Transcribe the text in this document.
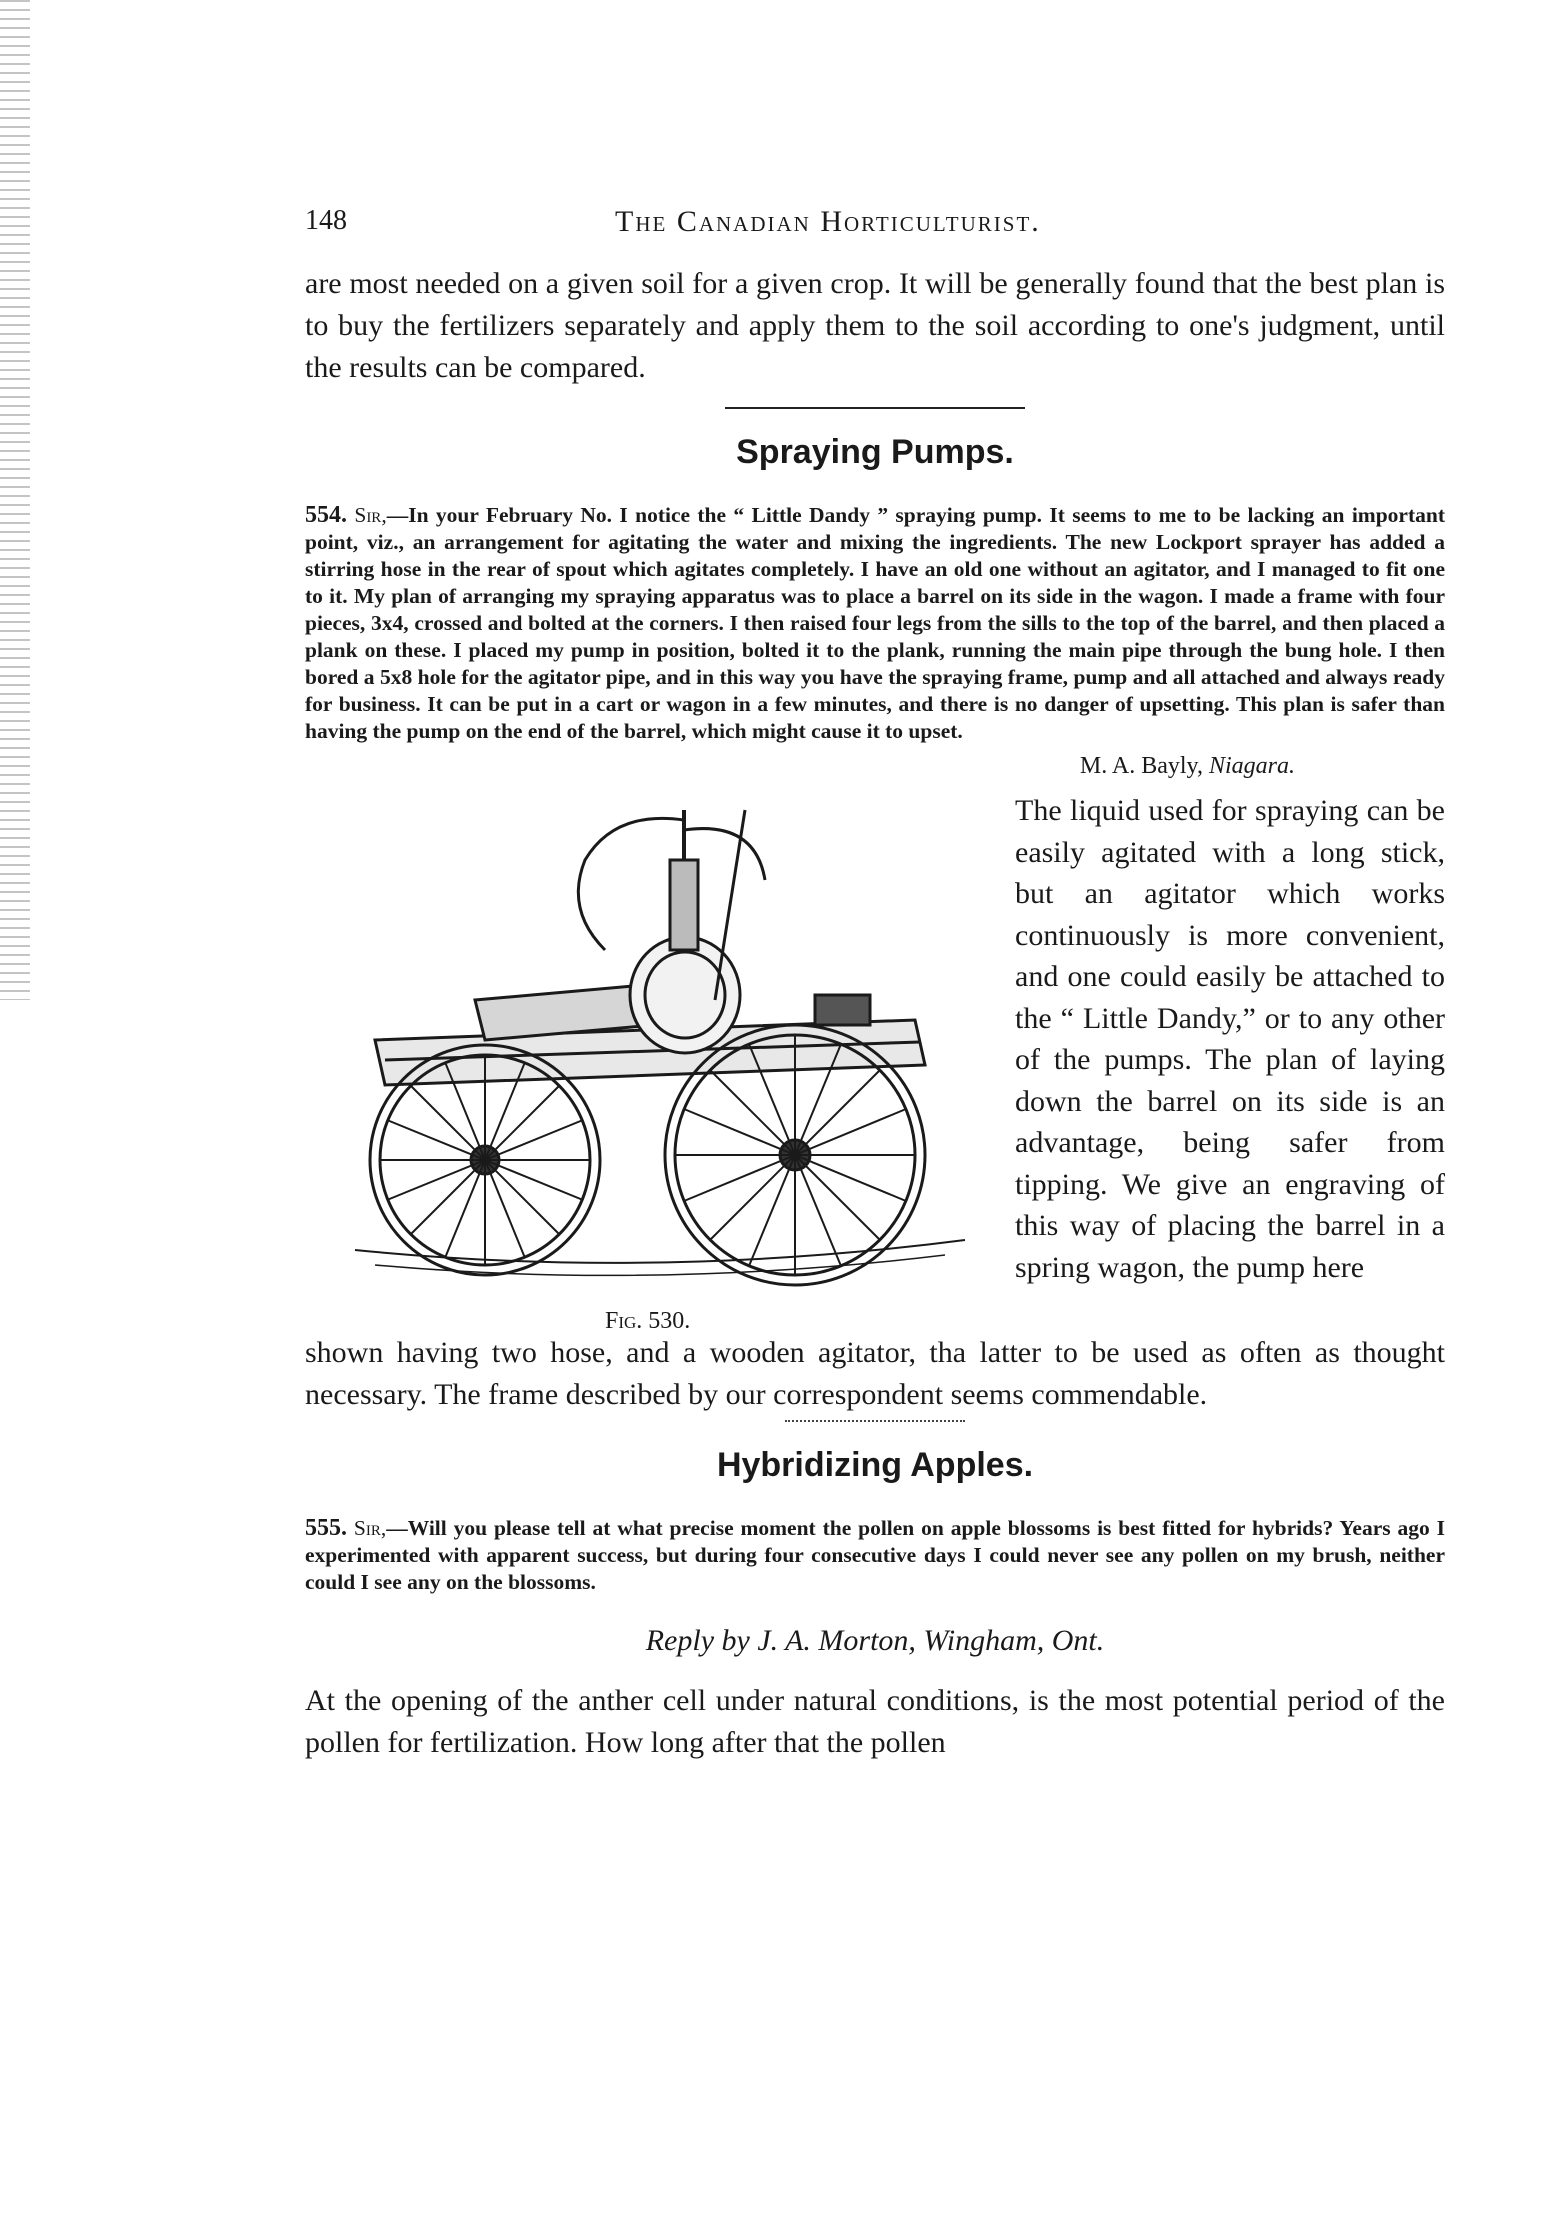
148	The Canadian Horticulturist.

are most needed on a given soil for a given crop. It will be generally found that the best plan is to buy the fertilizers separately and apply them to the soil according to one's judgment, until the results can be compared.

Spraying Pumps.

554. Sir,—In your February No. I notice the “ Little Dandy ” spraying pump. It seems to me to be lacking an important point, viz., an arrangement for agitating the water and mixing the ingredients. The new Lockport sprayer has added a stirring hose in the rear of spout which agitates completely. I have an old one without an agitator, and I managed to fit one to it. My plan of arranging my spraying apparatus was to place a barrel on its side in the wagon. I made a frame with four pieces, 3x4, crossed and bolted at the corners. I then raised four legs from the sills to the top of the barrel, and then placed a plank on these. I placed my pump in position, bolted it to the plank, running the main pipe through the bung hole. I then bored a 5x8 hole for the agitator pipe, and in this way you have the spraying frame, pump and all attached and always ready for business. It can be put in a cart or wagon in a few minutes, and there is no danger of upsetting. This plan is safer than having the pump on the end of the barrel, which might cause it to upset.

M. A. Bayly, Niagara.
Fig. 530.
The liquid used for spraying can be easily agitated with a long stick, but an agitator which works continuously is more convenient, and one could easily be attached to the “ Little Dandy,” or to any other of the pumps. The plan of laying down the barrel on its side is an advantage, being safer from tipping. We give an engraving of this way of placing the barrel in a spring wagon, the pump here

shown having two hose, and a wooden agitator, tha latter to be used as often as thought necessary. The frame described by our correspondent seems commendable.

Hybridizing Apples.

555. Sir,—Will you please tell at what precise moment the pollen on apple blossoms is best fitted for hybrids? Years ago I experimented with apparent success, but during four consecutive days I could never see any pollen on my brush, neither could I see any on the blossoms.

Reply by J. A. Morton, Wingham, Ont.

At the opening of the anther cell under natural conditions, is the most potential period of the pollen for fertilization. How long after that the pollen
